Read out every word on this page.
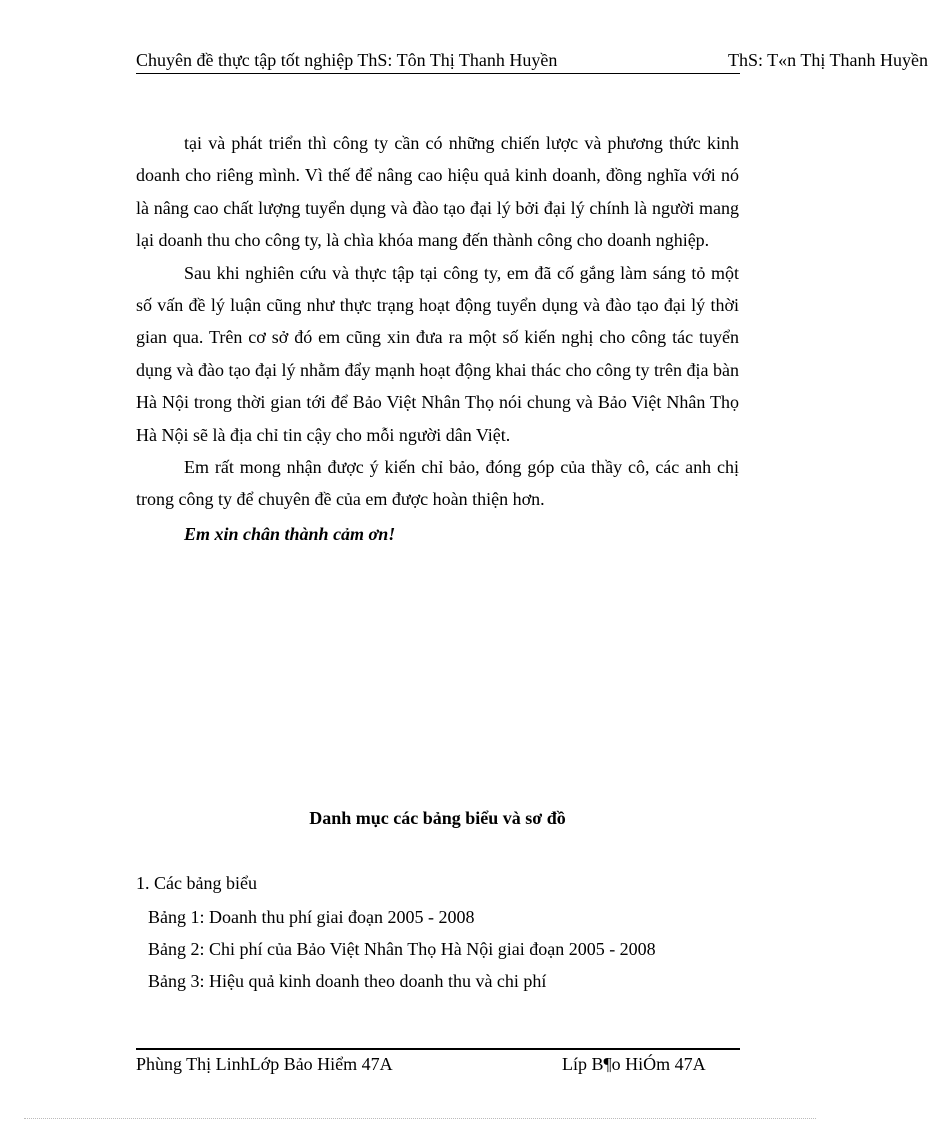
Chuyên đề thực tập tốt nghiệp ThS: Tôn Thị Thanh Huyền	ThS: T«n Thị Thanh Huyền

tại và phát triển thì công ty cần có những chiến lược và phương thức kinh doanh cho riêng mình. Vì thế để nâng cao hiệu quả kinh doanh, đồng nghĩa với nó là nâng cao chất lượng tuyển dụng và đào tạo đại lý bởi đại lý chính là người mang lại doanh thu cho công ty, là chìa khóa mang đến thành công cho doanh nghiệp.

Sau khi nghiên cứu và thực tập tại công ty, em đã cố gắng làm sáng tỏ một số vấn đề lý luận cũng như thực trạng hoạt động tuyển dụng và đào tạo đại lý thời gian qua. Trên cơ sở đó em cũng xin đưa ra một số kiến nghị cho công tác tuyển dụng và đào tạo đại lý nhằm đẩy mạnh hoạt động khai thác cho công ty trên địa bàn Hà Nội trong thời gian tới để Bảo Việt Nhân Thọ nói chung và Bảo Việt Nhân Thọ Hà Nội sẽ là địa chỉ tin cậy cho mỗi người dân Việt.

Em rất mong nhận được ý kiến chỉ bảo, đóng góp của thầy cô, các anh chị trong công ty để chuyên đề của em được hoàn thiện hơn.

Em xin chân thành cảm ơn!

Danh mục các bảng biểu và sơ đồ
1. Các bảng biểu
Bảng 1: Doanh thu phí giai đoạn 2005 - 2008
Bảng 2: Chi phí của Bảo Việt Nhân Thọ Hà Nội giai đoạn 2005 - 2008
Bảng 3: Hiệu quả kinh doanh theo doanh thu và chi phí
Phùng Thị LinhLớp Bảo Hiểm 47A	Líp B¶o HiÓm 47A
